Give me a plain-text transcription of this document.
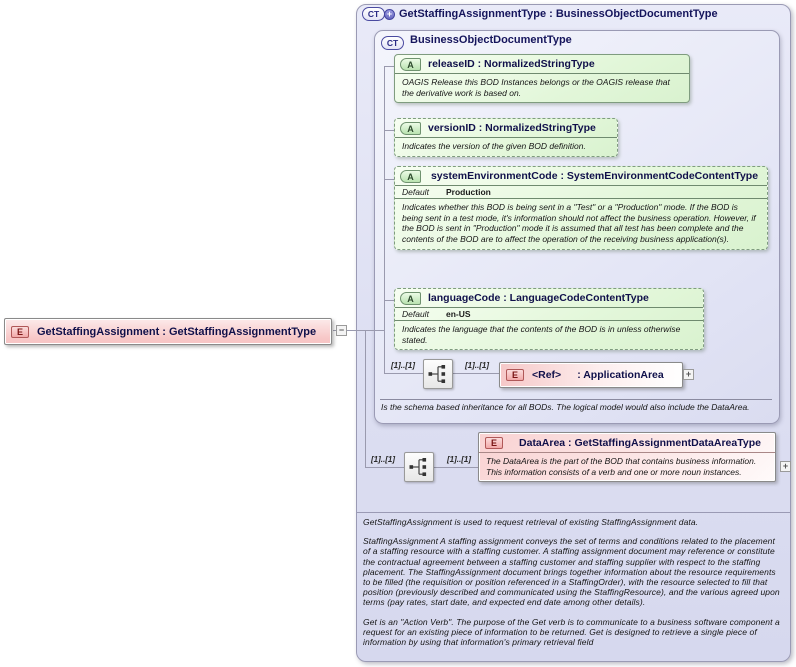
CT + GetStaffingAssignmentType : BusinessObjectDocumentType
CT	BusinessObjectDocumentType
E	GetStaffingAssignment : GetStaffingAssignmentType	−
A	releaseID : NormalizedStringType
OAGIS Release this BOD Instances belongs or the OAGIS release that the derivative work is based on.
A	versionID : NormalizedStringType
Indicates the version of the given BOD definition.
A	systemEnvironmentCode : SystemEnvironmentCodeContentType
Default	Production
Indicates whether this BOD is being sent in a "Test" or a "Production" mode. If the BOD is being sent in a test mode, it's information should not affect the business operation. However, if the BOD is sent in "Production" mode it is assumed that all test has been complete and the contents of the BOD are to affect the operation of the receiving business application(s).
A	languageCode : LanguageCodeContentType
Default	en-US
Indicates the language that the contents of the BOD is in unless otherwise stated.
[1]..[1]	[1]..[1]
E	<Ref> : ApplicationArea	+
Is the schema based inheritance for all BODs. The logical model would also include the DataArea.
[1]..[1]	[1]..[1]
E	DataArea : GetStaffingAssignmentDataAreaType
The DataArea is the part of the BOD that contains business information. This information consists of a verb and one or more noun instances.
+

GetStaffingAssignment is used to request retrieval of existing StaffingAssignment data.

StaffingAssignment A staffing assignment conveys the set of terms and conditions related to the placement of a staffing resource with a staffing customer. A staffing assignment document may reference or constitute the contractual agreement between a staffing customer and staffing supplier with respect to the staffing placement. The StaffingAssignment document brings together information about the resource requirements to be filled (the requisition or position referenced in a StaffingOrder), with the resource selected to fill that position (previously described and communicated using the StaffingResource), and the various agreed upon terms (pay rates, start date, and expected end date among other details).

Get is an "Action Verb". The purpose of the Get verb is to communicate to a business software component a request for an existing piece of information to be returned. Get is designed to retrieve a single piece of information by using that information's primary retrieval field
